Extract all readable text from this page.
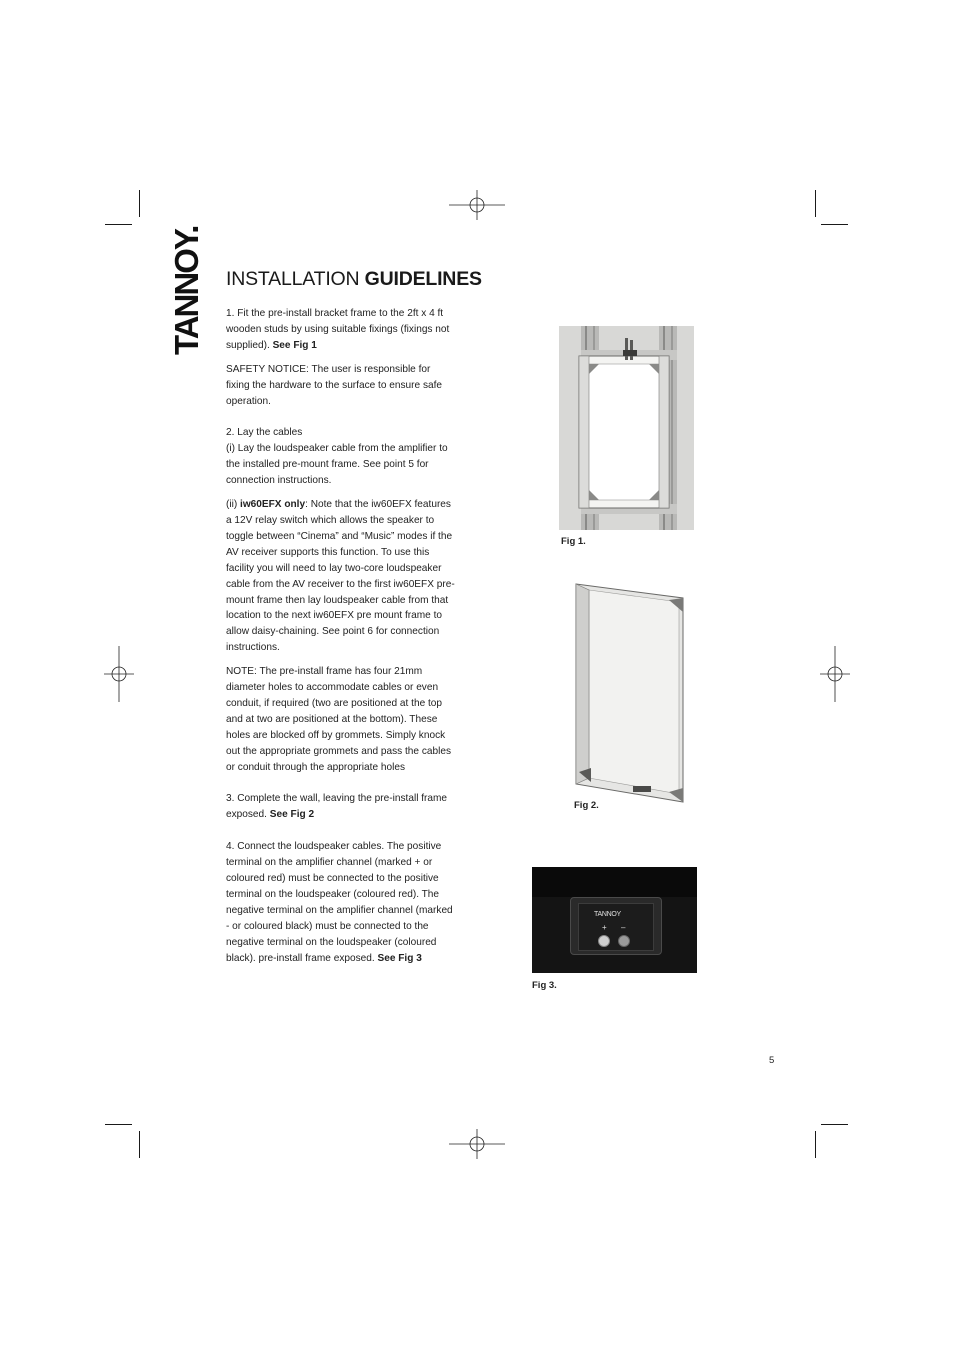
TANNOY. INSTALLATION GUIDELINES

1. Fit the pre-install bracket frame to the 2ft x 4 ft wooden studs by using suitable fixings (fixings not supplied). See Fig 1

SAFETY NOTICE: The user is responsible for fixing the hardware to the surface to ensure safe operation.

2. Lay the cables

(i) Lay the loudspeaker cable from the amplifier to the installed pre-mount frame. See point 5 for connection instructions.

(ii) iw60EFX only: Note that the iw60EFX features a 12V relay switch which allows the speaker to toggle between “Cinema” and “Music” modes if the AV receiver supports this function. To use this facility you will need to lay two-core loudspeaker cable from the AV receiver to the first iw60EFX pre-mount frame then lay loudspeaker cable from that location to the next iw60EFX pre mount frame to allow daisy-chaining. See point 6 for connection instructions.

NOTE: The pre-install frame has four 21mm diameter holes to accommodate cables or even conduit, if required (two are positioned at the top and at two are positioned at the bottom). These holes are blocked off by grommets. Simply knock out the appropriate grommets and pass the cables or conduit through the appropriate holes

3. Complete the wall, leaving the pre-install frame exposed. See Fig 2

4. Connect the loudspeaker cables. The positive terminal on the amplifier channel (marked + or coloured red) must be connected to the positive terminal on the loudspeaker (coloured red). The negative terminal on the amplifier channel (marked - or coloured black) must be connected to the negative terminal on the loudspeaker (coloured black). pre-install frame exposed. See Fig 3

Fig 1.
Fig 2.
TANNOY
+ –
Fig 3.
5
